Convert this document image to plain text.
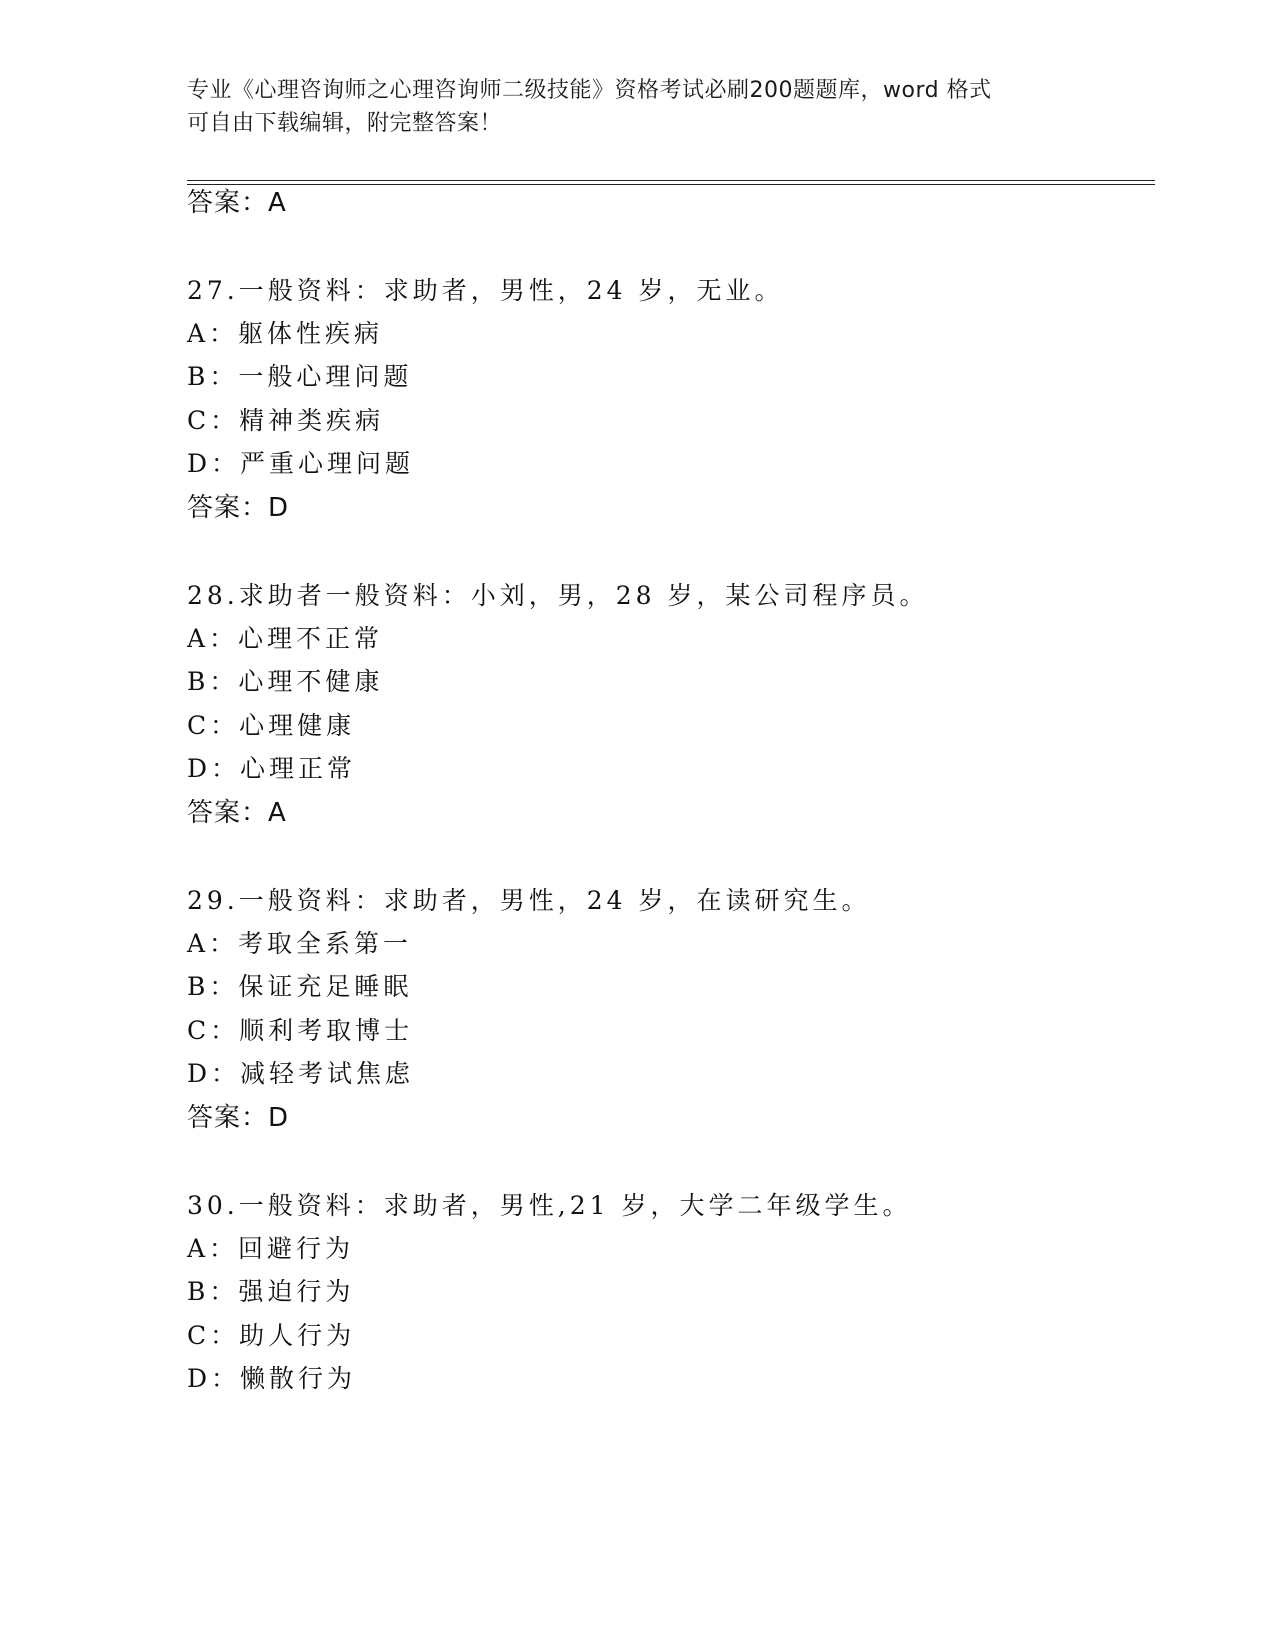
专业《心理咨询师之心理咨询师二级技能》资格考试必刷200题题库，word 格式
可自由下载编辑，附完整答案！
答案：A
27.一般资料：求助者，男性，24 岁，无业。
A：躯体性疾病
B：一般心理问题
C：精神类疾病
D：严重心理问题
答案：D
28.求助者一般资料：小刘，男，28 岁，某公司程序员。
A：心理不正常
B：心理不健康
C：心理健康
D：心理正常
答案：A
29.一般资料：求助者，男性，24 岁，在读研究生。
A：考取全系第一
B：保证充足睡眠
C：顺利考取博士
D：减轻考试焦虑
答案：D
30.一般资料：求助者，男性,21 岁，大学二年级学生。
A：回避行为
B：强迫行为
C：助人行为
D：懒散行为
